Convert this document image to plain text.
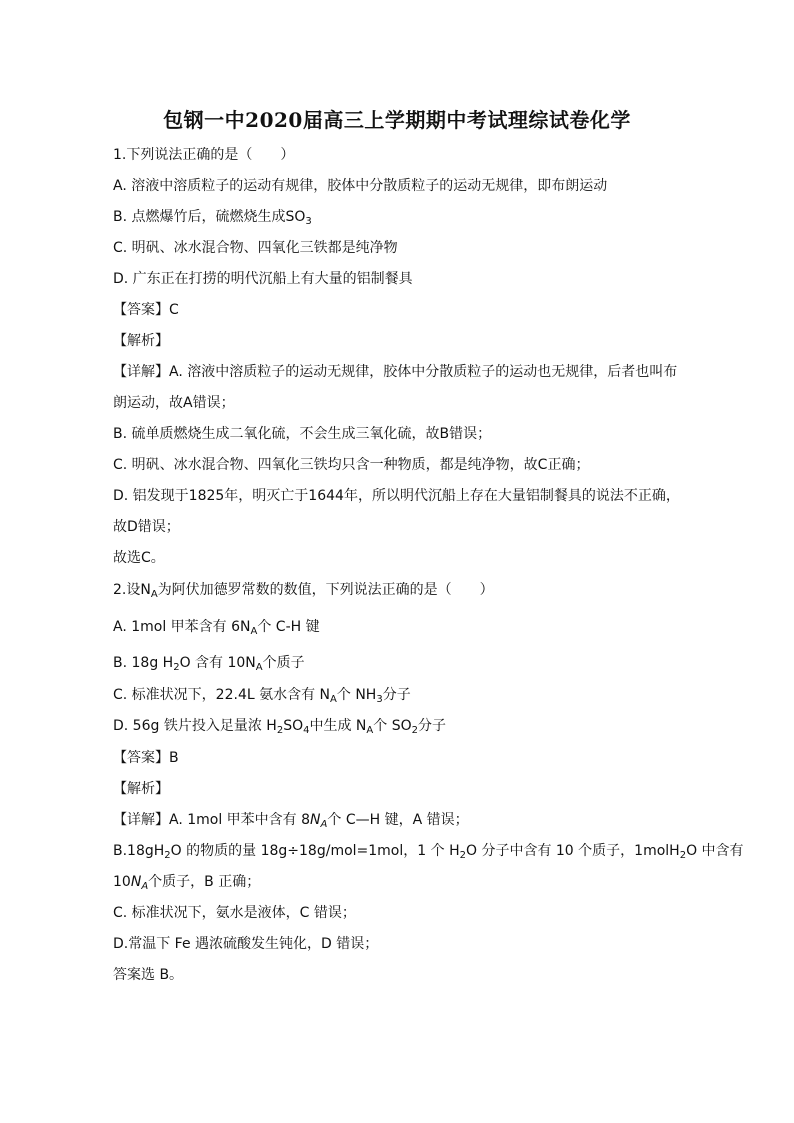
包钢一中2020届高三上学期期中考试理综试卷化学
1.下列说法正确的是（　　）
A. 溶液中溶质粒子的运动有规律，胶体中分散质粒子的运动无规律，即布朗运动
B. 点燃爆竹后，硫燃烧生成$SO_3$
C. 明矾、冰水混合物、四氧化三铁都是纯净物
D. 广东正在打捞的明代沉船上有大量的铝制餐具
【答案】C
【解析】
【详解】A. 溶液中溶质粒子的运动无规律，胶体中分散质粒子的运动也无规律，后者也叫布
朗运动，故A错误；
B. 硫单质燃烧生成二氧化硫，不会生成三氧化硫，故B错误；
C. 明矾、冰水混合物、四氧化三铁均只含一种物质，都是纯净物，故C正确；
D. 铝发现于1825年，明灭亡于1644年，所以明代沉船上存在大量铝制餐具的说法不正确，
故D错误；
故选C。
2.设$N_A$为阿伏加德罗常数的数值，下列说法正确的是（　　）
A. 1mol 甲苯含有 $6N_A$个 C-H 键
B. 18g $H_2O$ 含有 $10N_A$个质子
C. 标准状况下，22.4L 氨水含有 $N_A$个 $NH_3$分子
D. 56g 铁片投入足量浓 $H_2SO_4$中生成 $N_A$个 $SO_2$分子
【答案】B
【解析】
【详解】A. 1mol 甲苯中含有 $8N_A$个 C—H 键，A 错误；
$B.18gH_2O$ 的物质的量 18g÷18g/mol=1mol，1 个 $H_2O$ 分子中含有 10 个质子，1molH$_2$O 中含有
$10N_A$个质子，B 正确；
C. 标准状况下，氨水是液体，C 错误；
D.常温下 Fe 遇浓硫酸发生钝化，D 错误；
答案选 B。
